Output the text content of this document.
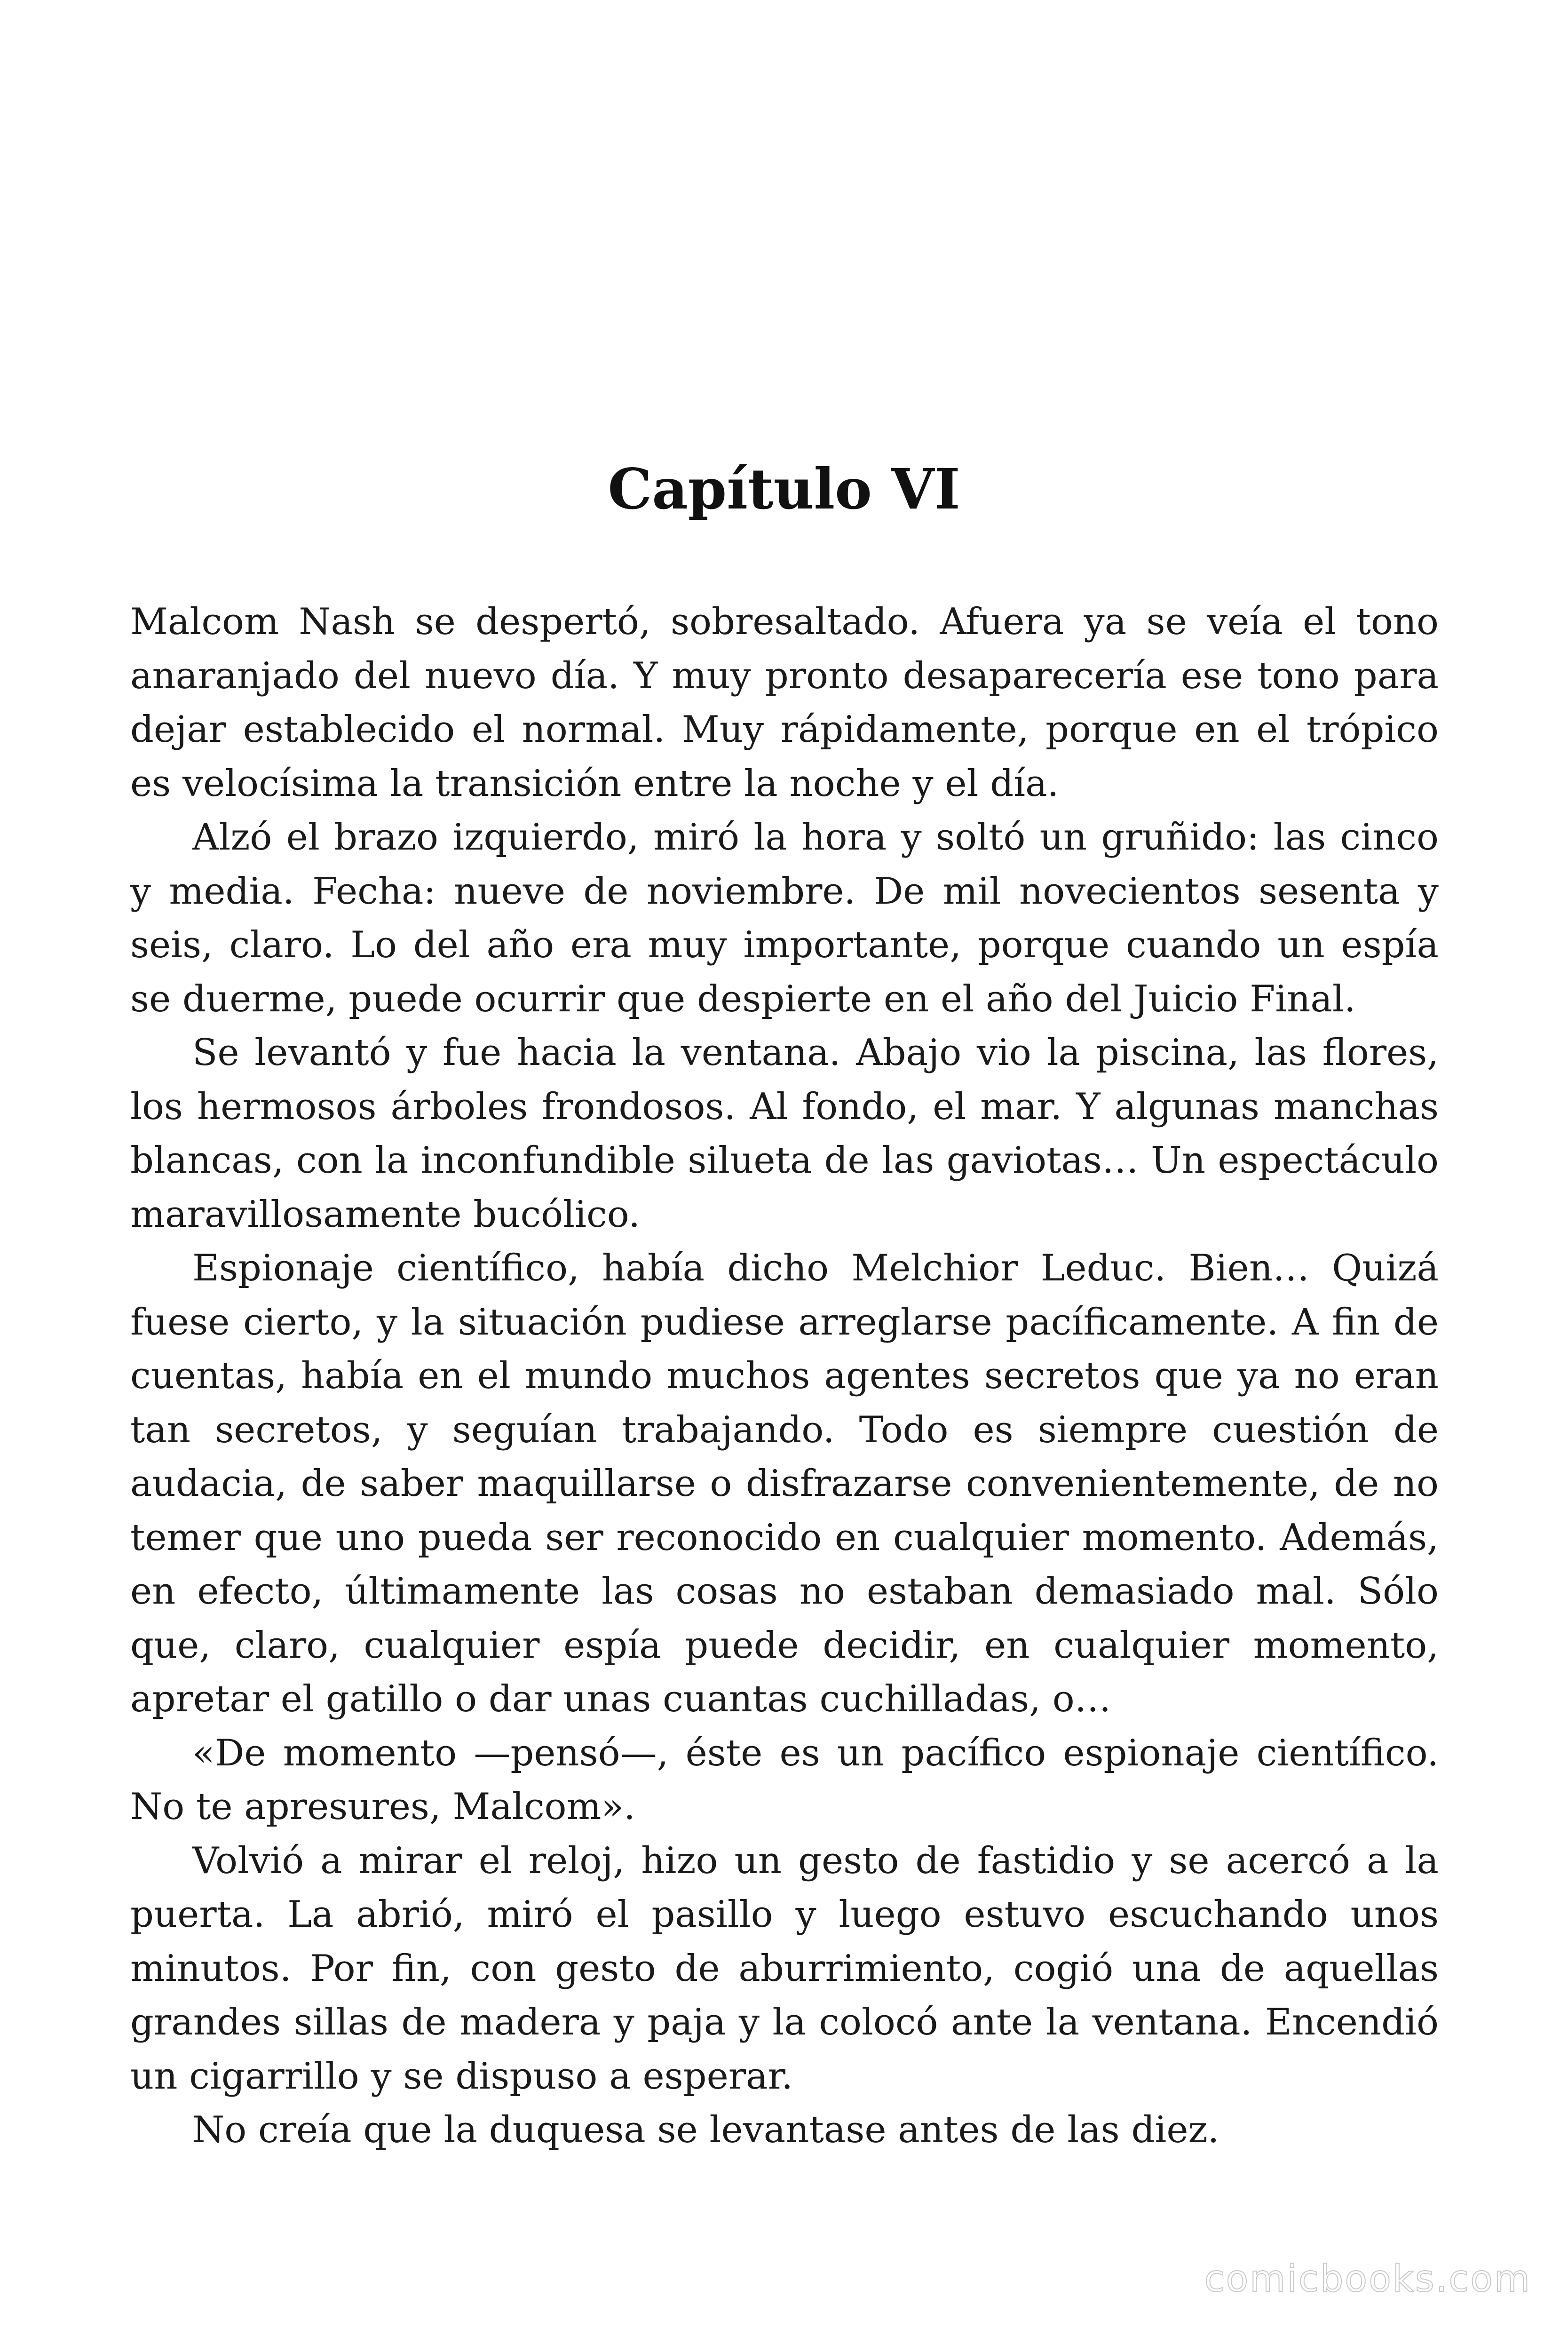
Capítulo VI

Malcom Nash se despertó, sobresaltado. Afuera ya se veía el tono anaranjado del nuevo día. Y muy pronto desaparecería ese tono para dejar establecido el normal. Muy rápidamente, porque en el trópico es velocísima la transición entre la noche y el día.

Alzó el brazo izquierdo, miró la hora y soltó un gruñido: las cinco y media. Fecha: nueve de noviembre. De mil novecientos sesenta y seis, claro. Lo del año era muy importante, porque cuando un espía se duerme, puede ocurrir que despierte en el año del Juicio Final.

Se levantó y fue hacia la ventana. Abajo vio la piscina, las flores, los hermosos árboles frondosos. Al fondo, el mar. Y algunas manchas blancas, con la inconfundible silueta de las gaviotas… Un espectáculo maravillosamente bucólico.

Espionaje científico, había dicho Melchior Leduc. Bien… Quizá fuese cierto, y la situación pudiese arreglarse pacíficamente. A fin de cuentas, había en el mundo muchos agentes secretos que ya no eran tan secretos, y seguían trabajando. Todo es siempre cuestión de audacia, de saber maquillarse o disfrazarse convenientemente, de no temer que uno pueda ser reconocido en cualquier momento. Además, en efecto, últimamente las cosas no estaban demasiado mal. Sólo que, claro, cualquier espía puede decidir, en cualquier momento, apretar el gatillo o dar unas cuantas cuchilladas, o…

«De momento —pensó—, éste es un pacífico espionaje científico. No te apresures, Malcom».

Volvió a mirar el reloj, hizo un gesto de fastidio y se acercó a la puerta. La abrió, miró el pasillo y luego estuvo escuchando unos minutos. Por fin, con gesto de aburrimiento, cogió una de aquellas grandes sillas de madera y paja y la colocó ante la ventana. Encendió un cigarrillo y se dispuso a esperar.

No creía que la duquesa se levantase antes de las diez.

comicbooks.com
